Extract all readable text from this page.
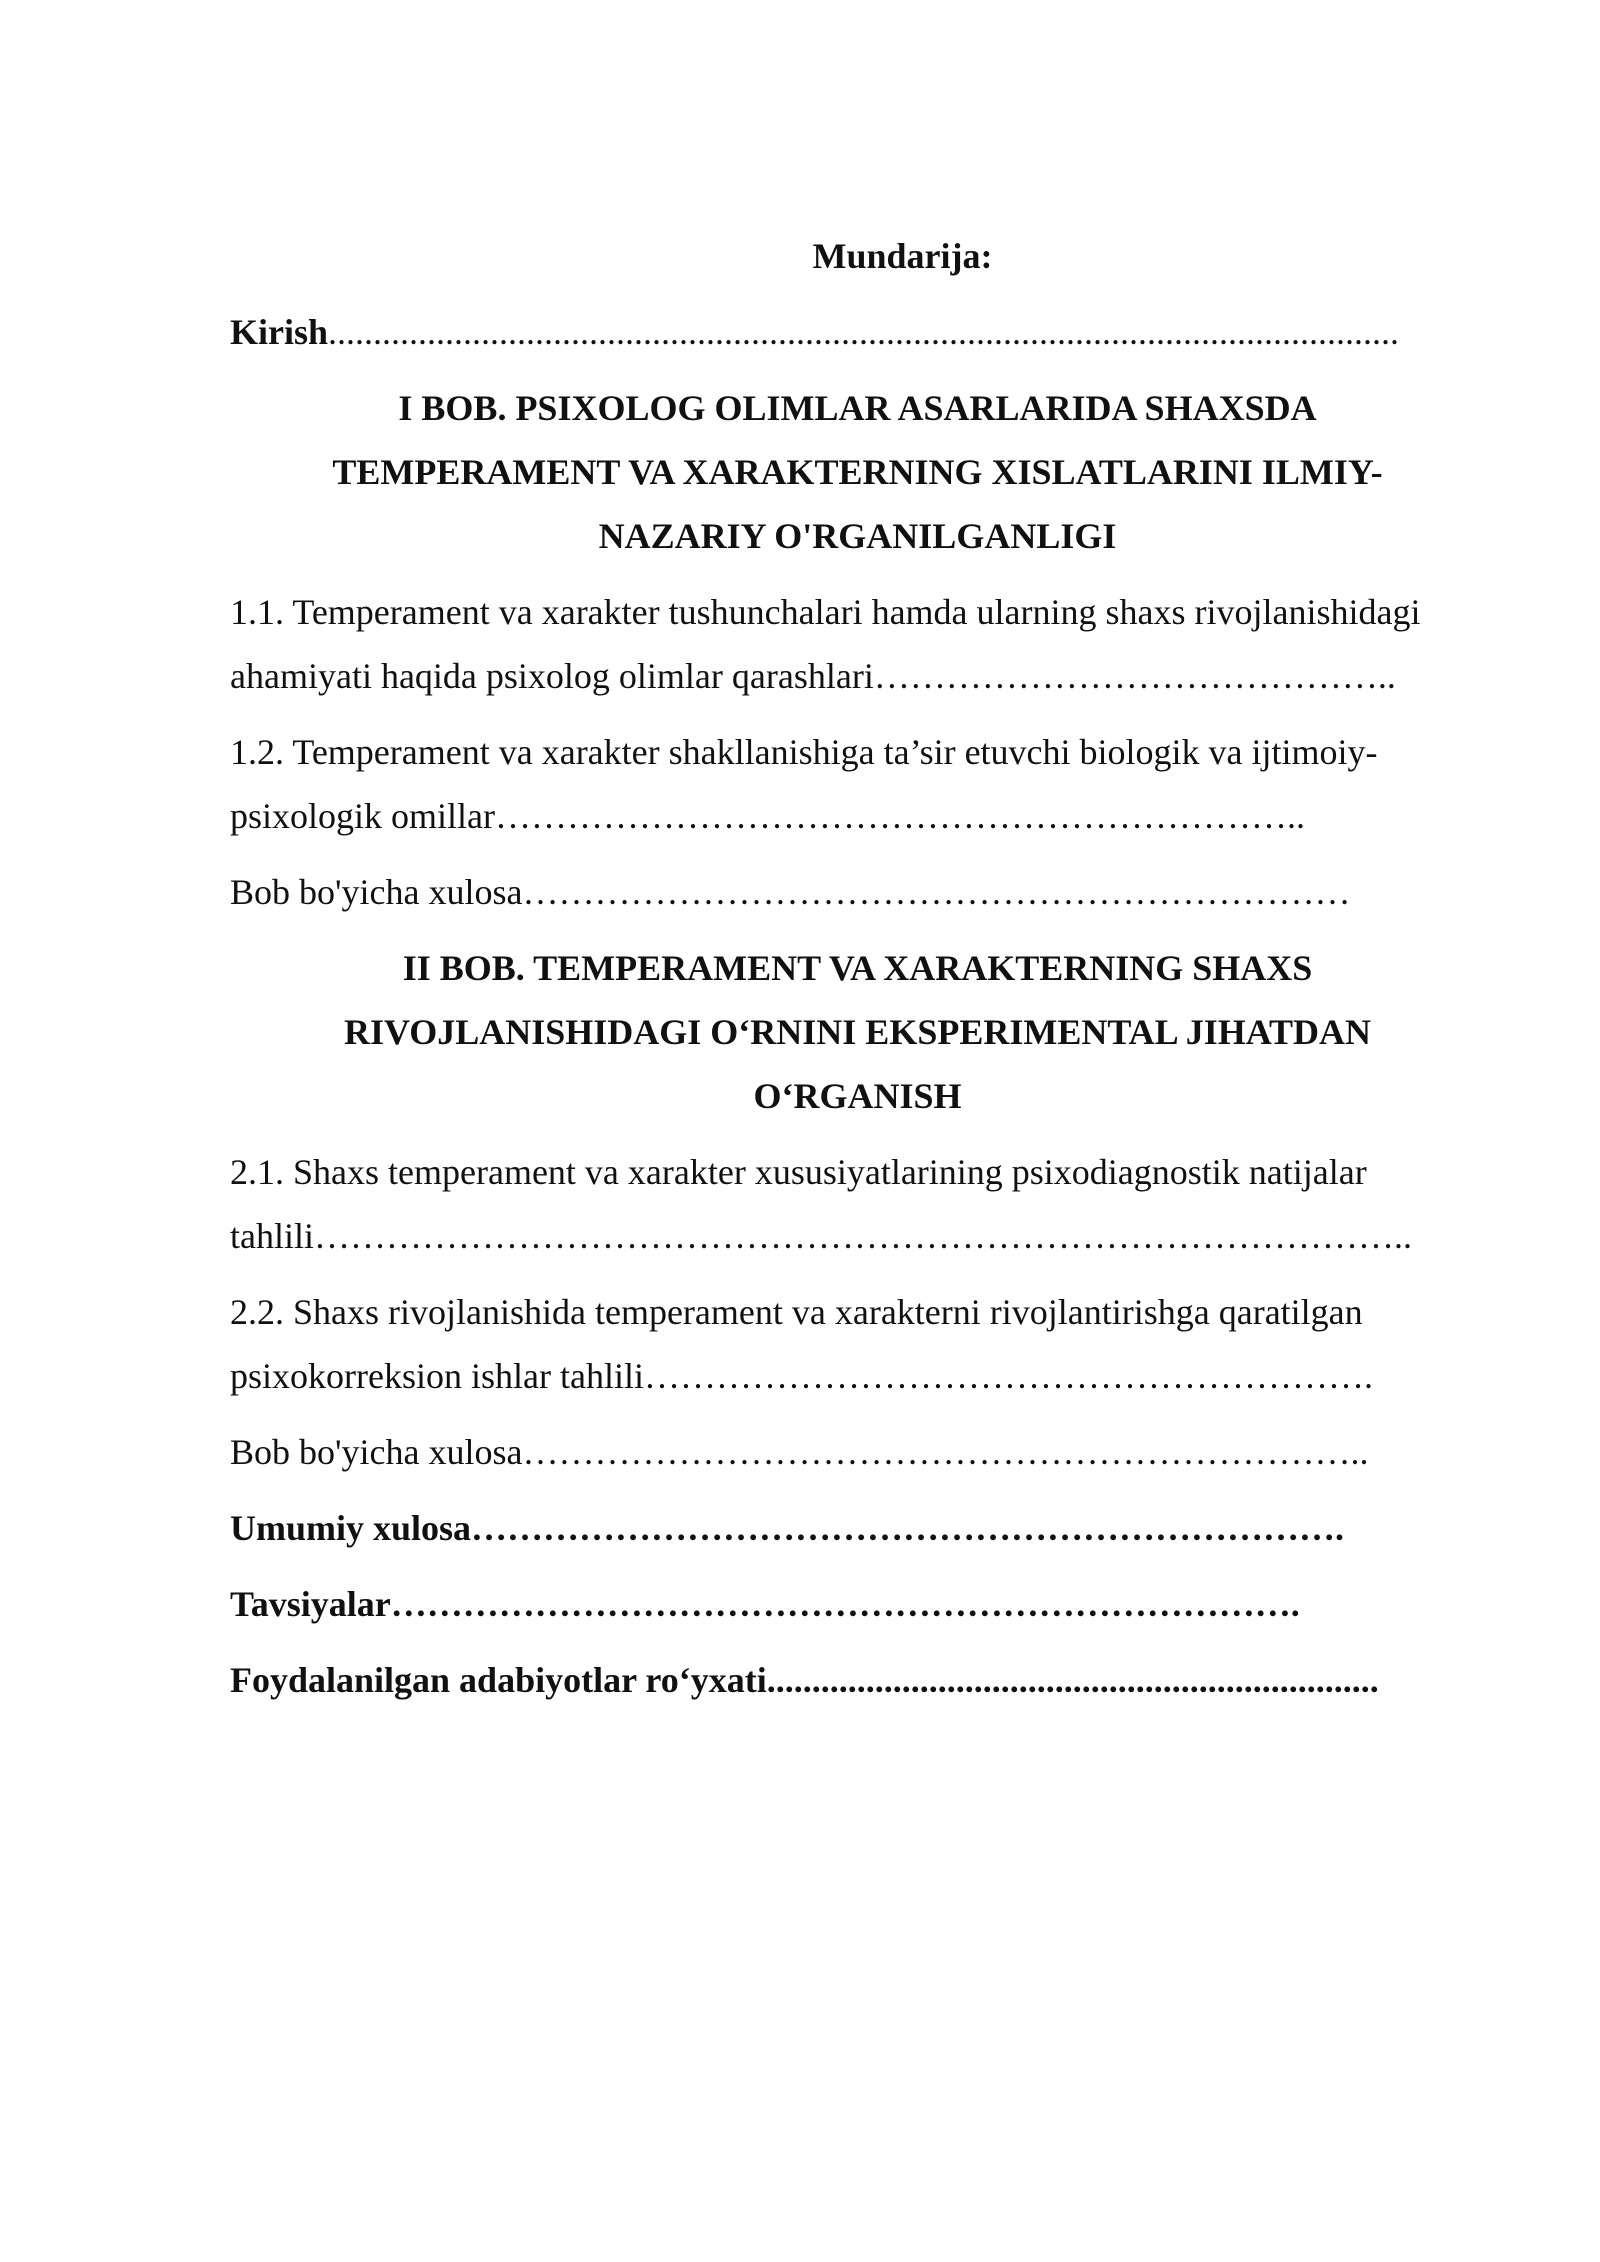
Mundarija:
Kirish.......................................................................................................................
I BOB. PSIXOLOG OLIMLAR ASARLARIDA SHAXSDA TEMPERAMENT VA XARAKTERNING XISLATLARINI ILMIY-NAZARIY O'RGANILGANLIGI
1.1. Temperament va xarakter tushunchalari hamda ularning shaxs rivojlanishidagi ahamiyati haqida psixolog olimlar qarashlari……………………………………..
1.2. Temperament va xarakter shakllanishiga ta’sir etuvchi biologik va ijtimoiy-psixologik omillar…………………………………………………………..
Bob bo'yicha xulosa……………………………………………………………
II BOB. TEMPERAMENT VA XARAKTERNING SHAXS RIVOJLANISHIDAGI O‘RNINI EKSPERIMENTAL JIHATDAN O‘RGANISH
2.1. Shaxs temperament va xarakter xususiyatlarining psixodiagnostik natijalar tahlili………………………………………………………………………………..
2.2. Shaxs rivojlanishida temperament va xarakterni rivojlantirishga qaratilgan psixokorreksion ishlar tahlili…………………………………………………….
Bob bo'yicha xulosa……………………………………………………………..
Umumiy xulosa……………………………………………………………….
Tavsiyalar………………………………………………………………….
Foydalanilgan adabiyotlar ro‘yxati....................................................................
